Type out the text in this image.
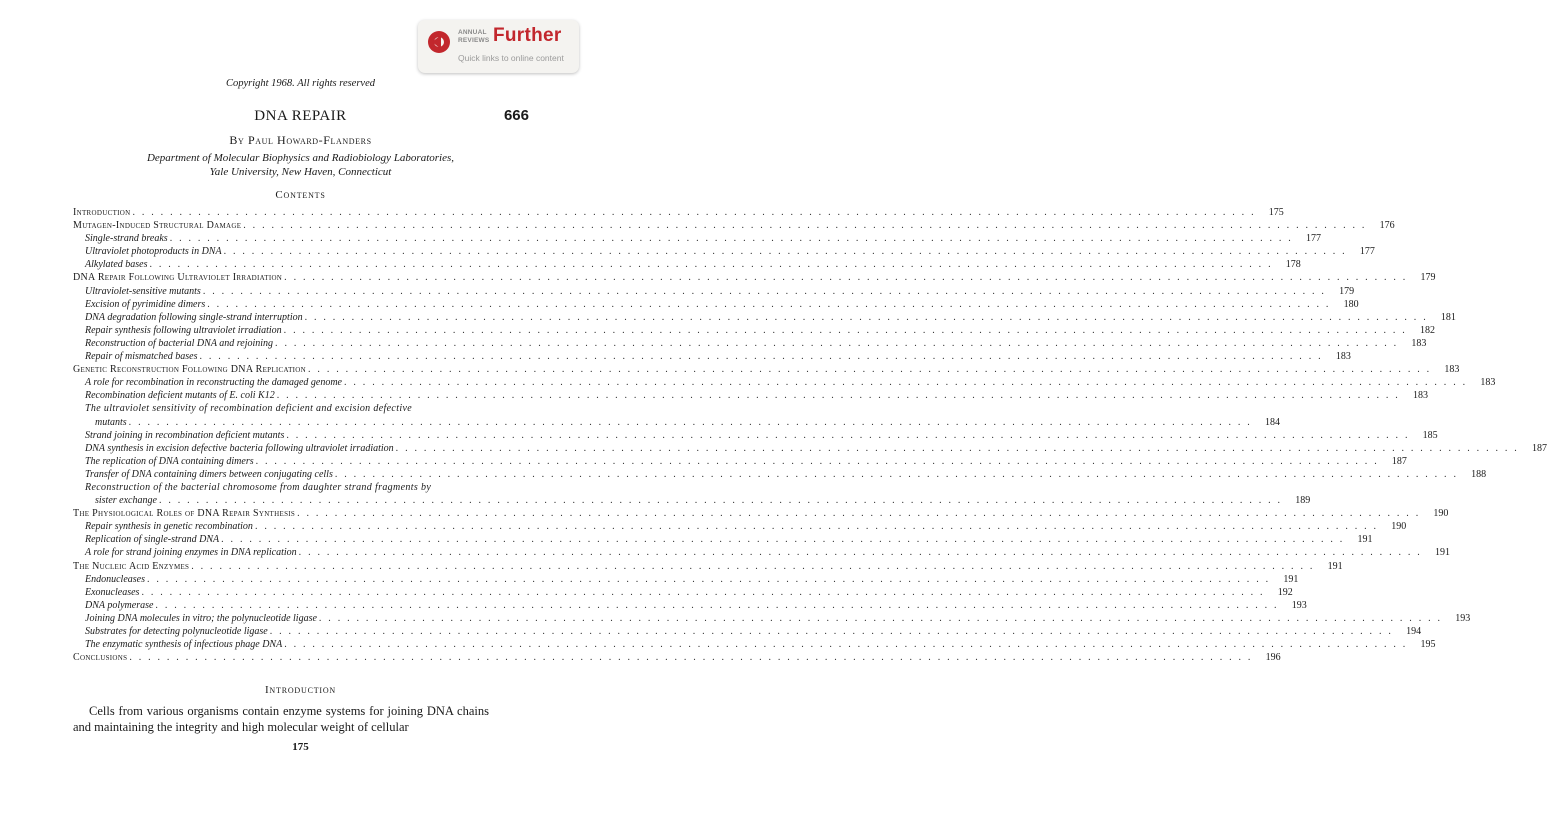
ANNUAL
REVIEWS Further
Quick links to online content
Copyright 1968. All rights reserved
DNA REPAIR	666
By Paul Howard-Flanders
Department of Molecular Biophysics and Radiobiology Laboratories,
Yale University, New Haven, Connecticut
Contents
Introduction . . . . . . . . . . . . . . . . . . . . . . . . . . . . . . . . . . . . . . . . . . . . . . . . . . . . . . . . . . . . . . . . . . . . . . . . . . . . . . . . . . . . . . . . . . . . . . . . . . . . . . . . . . . . . . . . . . . . . . . .	175
Mutagen-Induced Structural Damage . . . . . . . . . . . . . . . . . . . . . . . . . . . . . . . . . . . . . . . . . . . . . . . . . . . . . . . . . . . . . . . . . . . . . . . . . . . . . . . . . . . . . . . . . . . . . . . . . . . . . . . . . . . . . . . . . . . . . . . .	176
Single-strand breaks . . . . . . . . . . . . . . . . . . . . . . . . . . . . . . . . . . . . . . . . . . . . . . . . . . . . . . . . . . . . . . . . . . . . . . . . . . . . . . . . . . . . . . . . . . . . . . . . . . . . . . . . . . . . . . . . . . . . . . . .	177
Ultraviolet photoproducts in DNA . . . . . . . . . . . . . . . . . . . . . . . . . . . . . . . . . . . . . . . . . . . . . . . . . . . . . . . . . . . . . . . . . . . . . . . . . . . . . . . . . . . . . . . . . . . . . . . . . . . . . . . . . . . . . . . . . . . . . . . .	177
Alkylated bases . . . . . . . . . . . . . . . . . . . . . . . . . . . . . . . . . . . . . . . . . . . . . . . . . . . . . . . . . . . . . . . . . . . . . . . . . . . . . . . . . . . . . . . . . . . . . . . . . . . . . . . . . . . . . . . . . . . . . . . .	178
DNA Repair Following Ultraviolet Irradiation . . . . . . . . . . . . . . . . . . . . . . . . . . . . . . . . . . . . . . . . . . . . . . . . . . . . . . . . . . . . . . . . . . . . . . . . . . . . . . . . . . . . . . . . . . . . . . . . . . . . . . . . . . . . . . . . . . . . . . . .	179
Ultraviolet-sensitive mutants . . . . . . . . . . . . . . . . . . . . . . . . . . . . . . . . . . . . . . . . . . . . . . . . . . . . . . . . . . . . . . . . . . . . . . . . . . . . . . . . . . . . . . . . . . . . . . . . . . . . . . . . . . . . . . . . . . . . . . . .	179
Excision of pyrimidine dimers . . . . . . . . . . . . . . . . . . . . . . . . . . . . . . . . . . . . . . . . . . . . . . . . . . . . . . . . . . . . . . . . . . . . . . . . . . . . . . . . . . . . . . . . . . . . . . . . . . . . . . . . . . . . . . . . . . . . . . . .	180
DNA degradation following single-strand interruption . . . . . . . . . . . . . . . . . . . . . . . . . . . . . . . . . . . . . . . . . . . . . . . . . . . . . . . . . . . . . . . . . . . . . . . . . . . . . . . . . . . . . . . . . . . . . . . . . . . . . . . . . . . . . . . . . . . . . . . .	181
Repair synthesis following ultraviolet irradiation . . . . . . . . . . . . . . . . . . . . . . . . . . . . . . . . . . . . . . . . . . . . . . . . . . . . . . . . . . . . . . . . . . . . . . . . . . . . . . . . . . . . . . . . . . . . . . . . . . . . . . . . . . . . . . . . . . . . . . . .	182
Reconstruction of bacterial DNA and rejoining . . . . . . . . . . . . . . . . . . . . . . . . . . . . . . . . . . . . . . . . . . . . . . . . . . . . . . . . . . . . . . . . . . . . . . . . . . . . . . . . . . . . . . . . . . . . . . . . . . . . . . . . . . . . . . . . . . . . . . . .	183
Repair of mismatched bases . . . . . . . . . . . . . . . . . . . . . . . . . . . . . . . . . . . . . . . . . . . . . . . . . . . . . . . . . . . . . . . . . . . . . . . . . . . . . . . . . . . . . . . . . . . . . . . . . . . . . . . . . . . . . . . . . . . . . . . .	183
Genetic Reconstruction Following DNA Replication . . . . . . . . . . . . . . . . . . . . . . . . . . . . . . . . . . . . . . . . . . . . . . . . . . . . . . . . . . . . . . . . . . . . . . . . . . . . . . . . . . . . . . . . . . . . . . . . . . . . . . . . . . . . . . . . . . . . . . . .	183
A role for recombination in reconstructing the damaged genome . . . . . . . . . . . . . . . . . . . . . . . . . . . . . . . . . . . . . . . . . . . . . . . . . . . . . . . . . . . . . . . . . . . . . . . . . . . . . . . . . . . . . . . . . . . . . . . . . . . . . . . . . . . . . . . . . . . . . . . .	183
Recombination deficient mutants of E. coli K12 . . . . . . . . . . . . . . . . . . . . . . . . . . . . . . . . . . . . . . . . . . . . . . . . . . . . . . . . . . . . . . . . . . . . . . . . . . . . . . . . . . . . . . . . . . . . . . . . . . . . . . . . . . . . . . . . . . . . . . . .	183
The ultraviolet sensitivity of recombination deficient and excision defective
mutants . . . . . . . . . . . . . . . . . . . . . . . . . . . . . . . . . . . . . . . . . . . . . . . . . . . . . . . . . . . . . . . . . . . . . . . . . . . . . . . . . . . . . . . . . . . . . . . . . . . . . . . . . . . . . . . . . . . . . . . .	184
Strand joining in recombination deficient mutants . . . . . . . . . . . . . . . . . . . . . . . . . . . . . . . . . . . . . . . . . . . . . . . . . . . . . . . . . . . . . . . . . . . . . . . . . . . . . . . . . . . . . . . . . . . . . . . . . . . . . . . . . . . . . . . . . . . . . . . .	185
DNA synthesis in excision defective bacteria following ultraviolet irradiation . . . . . . . . . . . . . . . . . . . . . . . . . . . . . . . . . . . . . . . . . . . . . . . . . . . . . . . . . . . . . . . . . . . . . . . . . . . . . . . . . . . . . . . . . . . . . . . . . . . . . . . . . . . . . . . . . . . . . . . .	187
The replication of DNA containing dimers . . . . . . . . . . . . . . . . . . . . . . . . . . . . . . . . . . . . . . . . . . . . . . . . . . . . . . . . . . . . . . . . . . . . . . . . . . . . . . . . . . . . . . . . . . . . . . . . . . . . . . . . . . . . . . . . . . . . . . . .	187
Transfer of DNA containing dimers between conjugating cells . . . . . . . . . . . . . . . . . . . . . . . . . . . . . . . . . . . . . . . . . . . . . . . . . . . . . . . . . . . . . . . . . . . . . . . . . . . . . . . . . . . . . . . . . . . . . . . . . . . . . . . . . . . . . . . . . . . . . . . .	188
Reconstruction of the bacterial chromosome from daughter strand fragments by
sister exchange . . . . . . . . . . . . . . . . . . . . . . . . . . . . . . . . . . . . . . . . . . . . . . . . . . . . . . . . . . . . . . . . . . . . . . . . . . . . . . . . . . . . . . . . . . . . . . . . . . . . . . . . . . . . . . . . . . . . . . . .	189
The Physiological Roles of DNA Repair Synthesis . . . . . . . . . . . . . . . . . . . . . . . . . . . . . . . . . . . . . . . . . . . . . . . . . . . . . . . . . . . . . . . . . . . . . . . . . . . . . . . . . . . . . . . . . . . . . . . . . . . . . . . . . . . . . . . . . . . . . . . .	190
Repair synthesis in genetic recombination . . . . . . . . . . . . . . . . . . . . . . . . . . . . . . . . . . . . . . . . . . . . . . . . . . . . . . . . . . . . . . . . . . . . . . . . . . . . . . . . . . . . . . . . . . . . . . . . . . . . . . . . . . . . . . . . . . . . . . . .	190
Replication of single-strand DNA . . . . . . . . . . . . . . . . . . . . . . . . . . . . . . . . . . . . . . . . . . . . . . . . . . . . . . . . . . . . . . . . . . . . . . . . . . . . . . . . . . . . . . . . . . . . . . . . . . . . . . . . . . . . . . . . . . . . . . . .	191
A role for strand joining enzymes in DNA replication . . . . . . . . . . . . . . . . . . . . . . . . . . . . . . . . . . . . . . . . . . . . . . . . . . . . . . . . . . . . . . . . . . . . . . . . . . . . . . . . . . . . . . . . . . . . . . . . . . . . . . . . . . . . . . . . . . . . . . . .	191
The Nucleic Acid Enzymes . . . . . . . . . . . . . . . . . . . . . . . . . . . . . . . . . . . . . . . . . . . . . . . . . . . . . . . . . . . . . . . . . . . . . . . . . . . . . . . . . . . . . . . . . . . . . . . . . . . . . . . . . . . . . . . . . . . . . . . .	191
Endonucleases . . . . . . . . . . . . . . . . . . . . . . . . . . . . . . . . . . . . . . . . . . . . . . . . . . . . . . . . . . . . . . . . . . . . . . . . . . . . . . . . . . . . . . . . . . . . . . . . . . . . . . . . . . . . . . . . . . . . . . . .	191
Exonucleases . . . . . . . . . . . . . . . . . . . . . . . . . . . . . . . . . . . . . . . . . . . . . . . . . . . . . . . . . . . . . . . . . . . . . . . . . . . . . . . . . . . . . . . . . . . . . . . . . . . . . . . . . . . . . . . . . . . . . . . .	192
DNA polymerase . . . . . . . . . . . . . . . . . . . . . . . . . . . . . . . . . . . . . . . . . . . . . . . . . . . . . . . . . . . . . . . . . . . . . . . . . . . . . . . . . . . . . . . . . . . . . . . . . . . . . . . . . . . . . . . . . . . . . . . .	193
Joining DNA molecules in vitro; the polynucleotide ligase . . . . . . . . . . . . . . . . . . . . . . . . . . . . . . . . . . . . . . . . . . . . . . . . . . . . . . . . . . . . . . . . . . . . . . . . . . . . . . . . . . . . . . . . . . . . . . . . . . . . . . . . . . . . . . . . . . . . . . . .	193
Substrates for detecting polynucleotide ligase . . . . . . . . . . . . . . . . . . . . . . . . . . . . . . . . . . . . . . . . . . . . . . . . . . . . . . . . . . . . . . . . . . . . . . . . . . . . . . . . . . . . . . . . . . . . . . . . . . . . . . . . . . . . . . . . . . . . . . . .	194
The enzymatic synthesis of infectious phage DNA . . . . . . . . . . . . . . . . . . . . . . . . . . . . . . . . . . . . . . . . . . . . . . . . . . . . . . . . . . . . . . . . . . . . . . . . . . . . . . . . . . . . . . . . . . . . . . . . . . . . . . . . . . . . . . . . . . . . . . . .	195
Conclusions . . . . . . . . . . . . . . . . . . . . . . . . . . . . . . . . . . . . . . . . . . . . . . . . . . . . . . . . . . . . . . . . . . . . . . . . . . . . . . . . . . . . . . . . . . . . . . . . . . . . . . . . . . . . . . . . . . . . . . . .	196
Introduction
Cells from various organisms contain enzyme systems for joining DNA chains and maintaining the integrity and high molecular weight of cellular
175
